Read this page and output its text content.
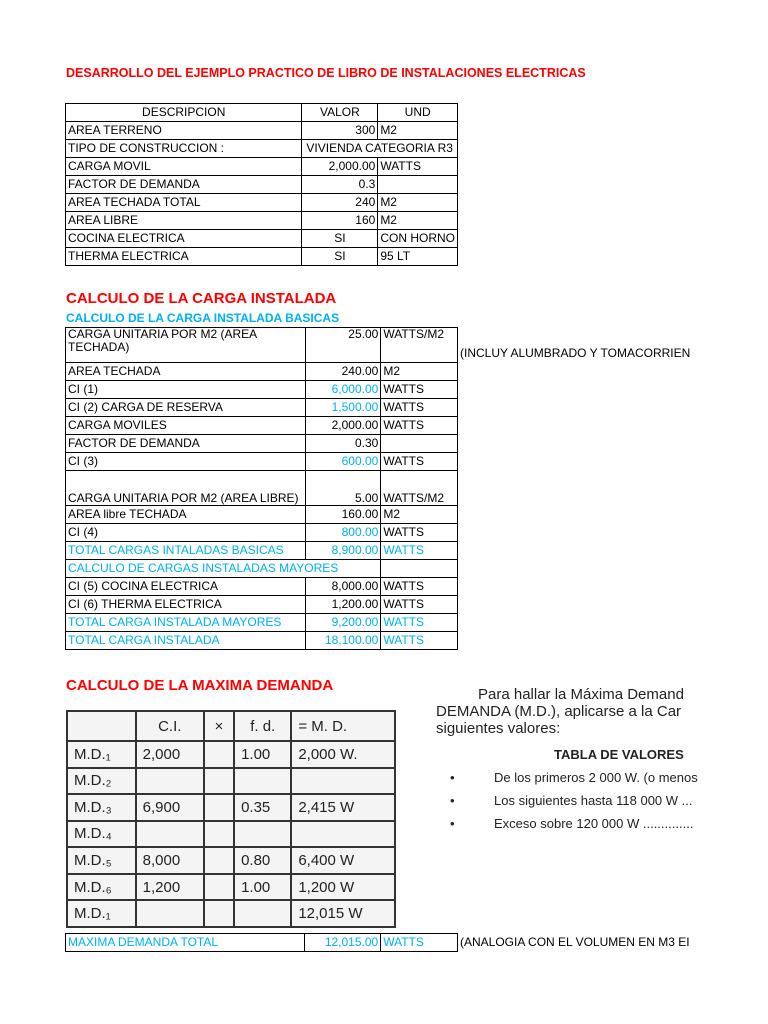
DESARROLLO DEL EJEMPLO PRACTICO DE LIBRO DE INSTALACIONES ELECTRICAS
DESCRIPCION	VALOR	UND
AREA TERRENO	300	M2
TIPO DE CONSTRUCCION :	VIVIENDA CATEGORIA R3	
CARGA MOVIL	2,000.00	WATTS
FACTOR DE DEMANDA	0.3	
AREA TECHADA TOTAL	240	M2
AREA LIBRE	160	M2
COCINA ELECTRICA	SI	CON HORNO
THERMA ELECTRICA	SI	95 LT
CALCULO DE LA CARGA INSTALADA
CALCULO DE LA CARGA INSTALADA BASICAS
CARGA UNITARIA POR M2 (AREA TECHADA)	25.00	WATTS/M2
AREA TECHADA	240.00	M2
CI (1)	6,000.00	WATTS
CI (2) CARGA DE RESERVA	1,500.00	WATTS
CARGA MOVILES	2,000.00	WATTS
FACTOR DE DEMANDA	0.30	
CI (3)	600.00	WATTS
CARGA UNITARIA POR M2 (AREA LIBRE)	5.00	WATTS/M2
AREA libre TECHADA	160.00	M2
CI (4)	800.00	WATTS
TOTAL CARGAS INTALADAS BASICAS	8,900.00	WATTS
CALCULO DE CARGAS INSTALADAS MAYORES		
CI (5) COCINA ELECTRICA	8,000.00	WATTS
CI (6) THERMA ELECTRICA	1,200.00	WATTS
TOTAL CARGA INSTALADA MAYORES	9,200.00	WATTS
TOTAL CARGA INSTALADA	18,100.00	WATTS
(INCLUY ALUMBRADO Y TOMACORRIEN
CALCULO DE LA MAXIMA DEMANDA
	C.I.	×	f. d.	= M. D.
M.D.₁	2,000		1.00	2,000 W.
M.D.₂				
M.D.₃	6,900		0.35	2,415 W
M.D.₄				
M.D.₅	8,000		0.80	6,400 W
M.D.₆	1,200		1.00	1,200 W
M.D.₁				12,015 W
Para hallar la Máxima Demand
DEMANDA (M.D.), aplicarse a la Car
siguientes valores:
TABLA DE VALORES
•	De los primeros 2 000 W. (o menos
•	Los siguientes hasta 118 000 W ...
•	Exceso sobre 120 000 W ..............
MAXIMA DEMANDA TOTAL	12,015.00	WATTS	(ANALOGIA CON EL VOLUMEN EN M3 EI
